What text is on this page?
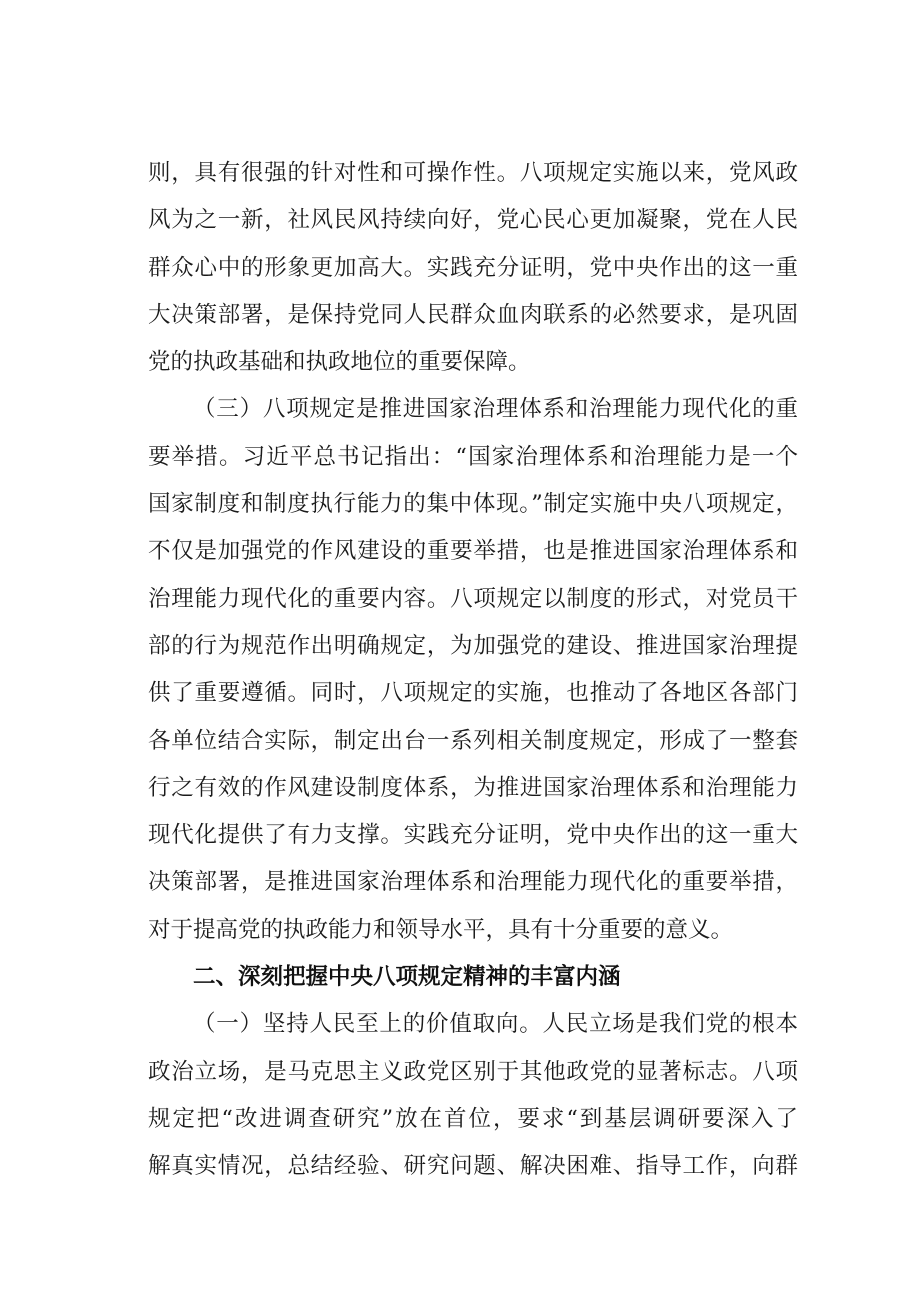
则，具有很强的针对性和可操作性。八项规定实施以来，党风政
风为之一新，社风民风持续向好，党心民心更加凝聚，党在人民
群众心中的形象更加高大。实践充分证明，党中央作出的这一重
大决策部署，是保持党同人民群众血肉联系的必然要求，是巩固
党的执政基础和执政地位的重要保障。
（三）八项规定是推进国家治理体系和治理能力现代化的重
要举措。习近平总书记指出：“国家治理体系和治理能力是一个
国家制度和制度执行能力的集中体现。”制定实施中央八项规定，
不仅是加强党的作风建设的重要举措，也是推进国家治理体系和
治理能力现代化的重要内容。八项规定以制度的形式，对党员干
部的行为规范作出明确规定，为加强党的建设、推进国家治理提
供了重要遵循。同时，八项规定的实施，也推动了各地区各部门
各单位结合实际，制定出台一系列相关制度规定，形成了一整套
行之有效的作风建设制度体系，为推进国家治理体系和治理能力
现代化提供了有力支撑。实践充分证明，党中央作出的这一重大
决策部署，是推进国家治理体系和治理能力现代化的重要举措，
对于提高党的执政能力和领导水平，具有十分重要的意义。
二、深刻把握中央八项规定精神的丰富内涵
（一）坚持人民至上的价值取向。人民立场是我们党的根本
政治立场，是马克思主义政党区别于其他政党的显著标志。八项
规定把“改进调查研究”放在首位，要求“到基层调研要深入了
解真实情况，总结经验、研究问题、解决困难、指导工作，向群
